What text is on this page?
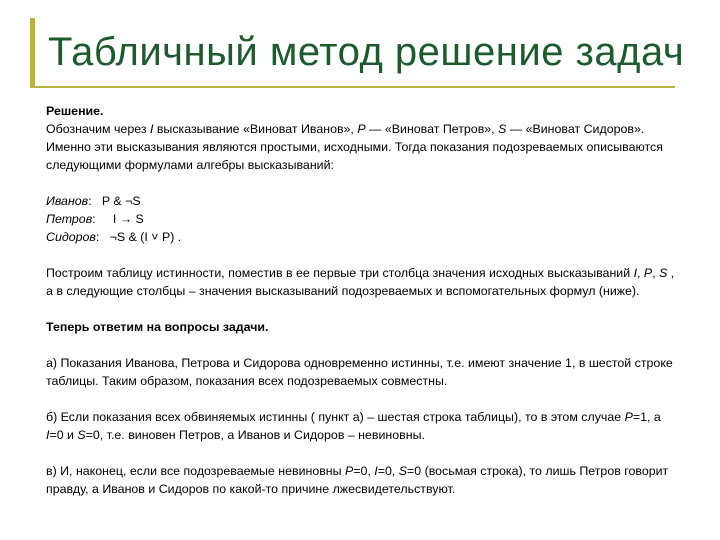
Табличный метод решение задач

Решение.

Обозначим через I высказывание «Виноват Иванов», P — «Виноват Петров», S — «Виноват Сидоров». Именно эти высказывания являются простыми, исходными. Тогда показания подозреваемых описываются следующими формулами алгебры высказываний:

Иванов:   P & ¬S

Петров:     I → S

Сидоров:   ¬S & (I ˅ P) .

Построим таблицу истинности, поместив в ее первые три столбца значения исходных высказываний I, P, S , а в следующие столбцы – значения высказываний подозреваемых и вспомогательных формул (ниже).

Теперь ответим на вопросы задачи.

а) Показания Иванова, Петрова и Сидорова одновременно истинны, т.е. имеют значение 1, в шестой строке таблицы. Таким образом, показания всех подозреваемых совместны.

б) Если показания всех обвиняемых истинны ( пункт а) – шестая строка таблицы), то в этом случае P=1, а I=0 и S=0, т.е. виновен Петров, а Иванов и Сидоров – невиновны.

в) И, наконец, если все подозреваемые невиновны P=0, I=0, S=0 (восьмая строка), то лишь Петров говорит правду, а Иванов и Сидоров по какой-то причине лжесвидетельствуют.
